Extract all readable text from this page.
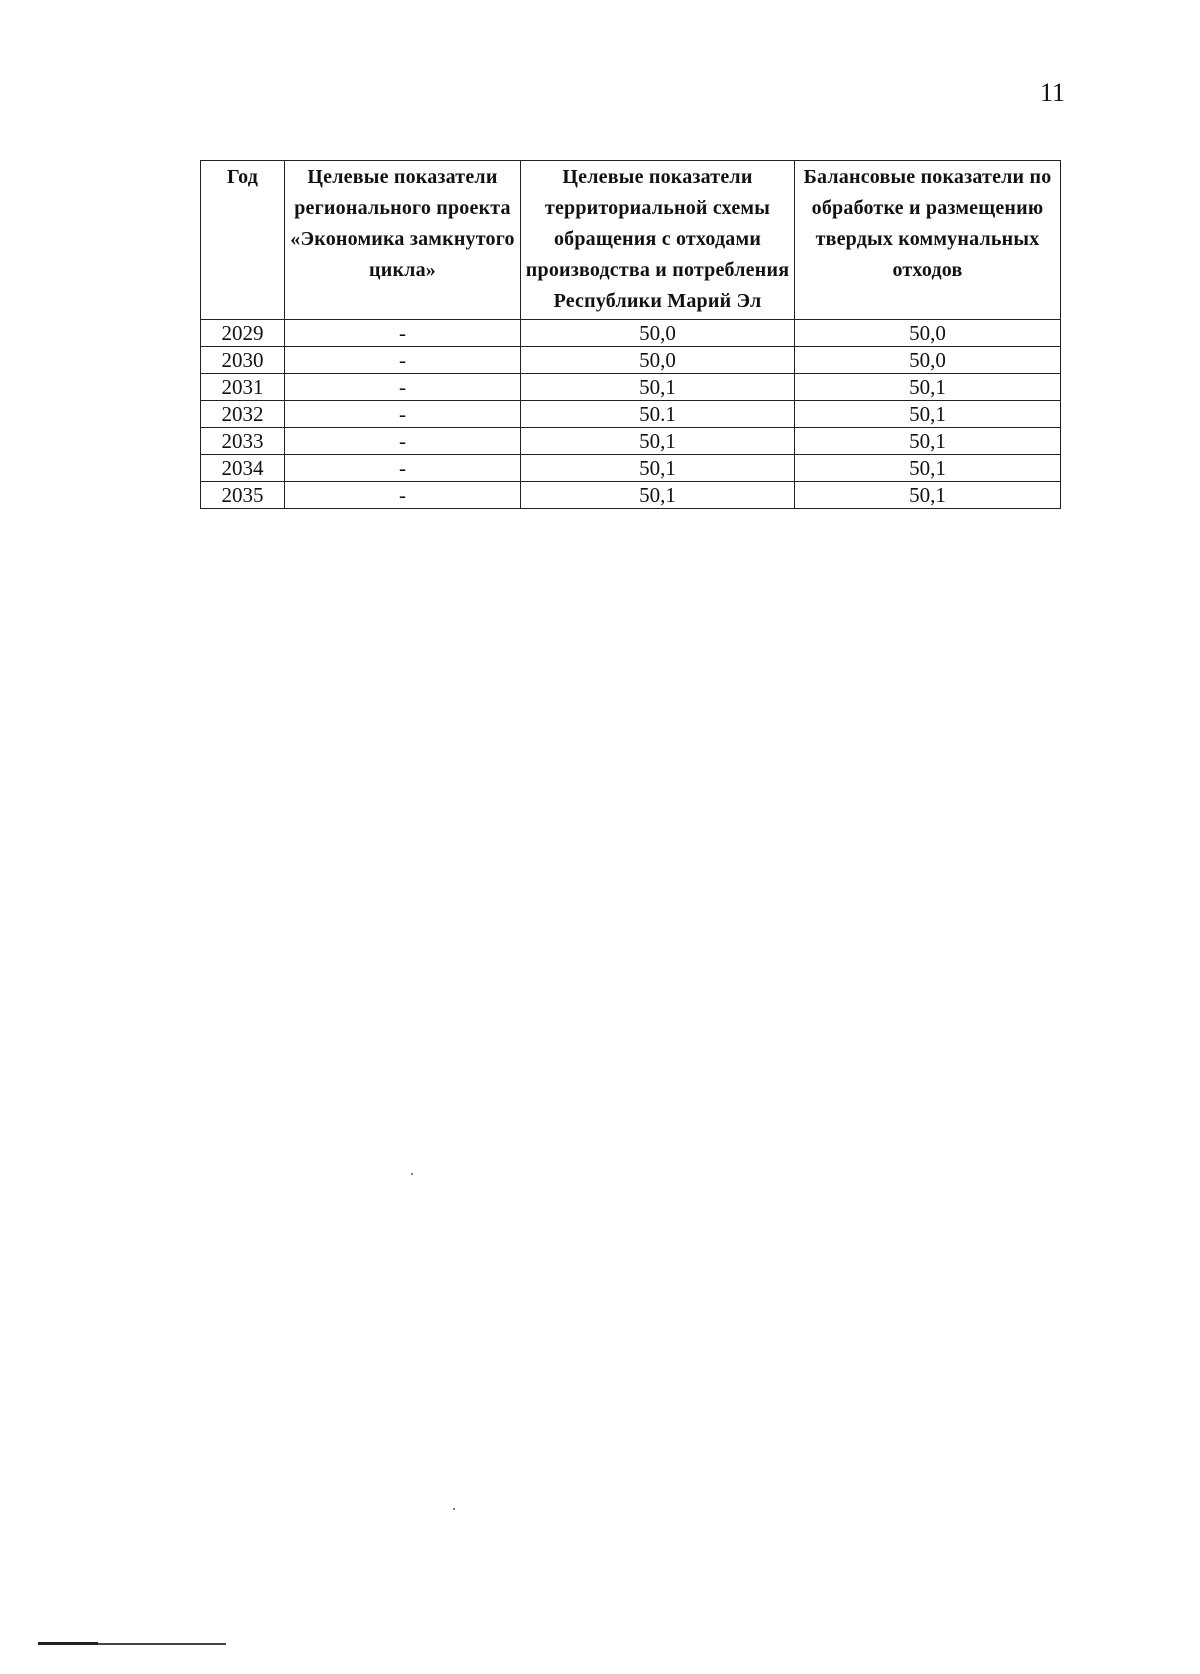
11
Год	Целевые показатели регионального проекта «Экономика замкнутого цикла»	Целевые показатели территориальной схемы обращения с отходами производства и потребления Республики Марий Эл	Балансовые показатели по обработке и размещению твердых коммунальных отходов
2029	-	50,0	50,0
2030	-	50,0	50,0
2031	-	50,1	50,1
2032	-	50.1	50,1
2033	-	50,1	50,1
2034	-	50,1	50,1
2035	-	50,1	50,1
